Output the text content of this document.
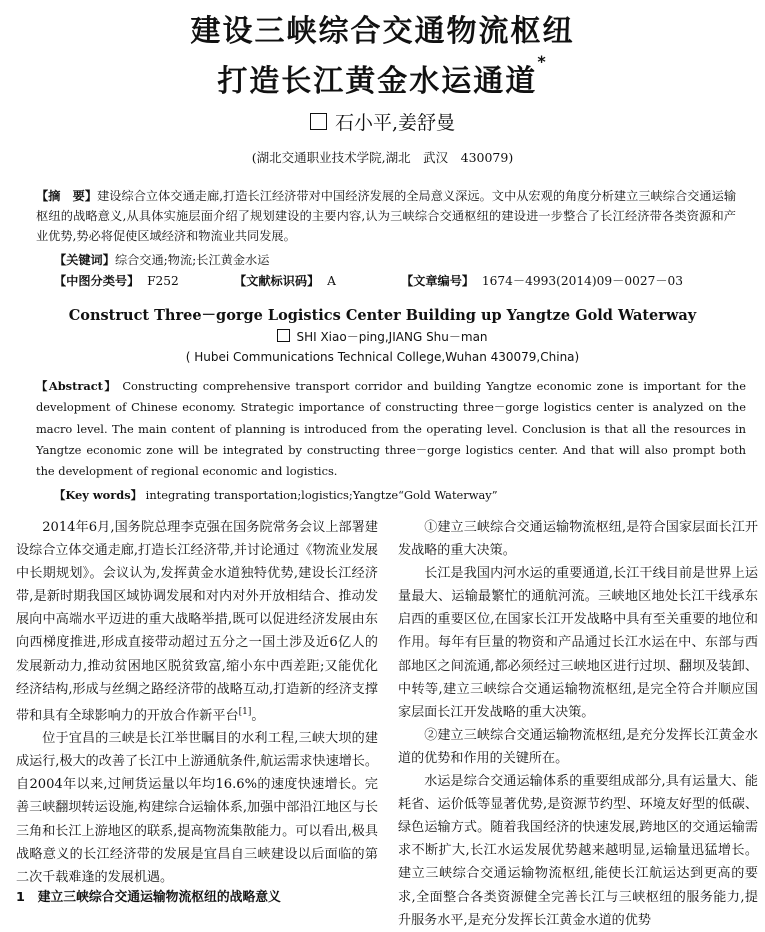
建设三峡综合交通物流枢纽
打造长江黄金水运通道*
石小平,姜舒曼
(湖北交通职业技术学院,湖北　武汉　430079)
【摘　要】建设综合立体交通走廊,打造长江经济带对中国经济发展的全局意义深远。文中从宏观的角度分析建立三峡综合交通运输枢纽的战略意义,从具体实施层面介绍了规划建设的主要内容,认为三峡综合交通枢纽的建设进一步整合了长江经济带各类资源和产业优势,势必将促使区域经济和物流业共同发展。
【关键词】综合交通;物流;长江黄金水运
【中图分类号】 F252	【文献标识码】 A	【文章编号】 1674－4993(2014)09－0027－03
Construct Three－gorge Logistics Center Building up Yangtze Gold Waterway
SHI Xiao－ping,JIANG Shu－man
( Hubei Communications Technical College,Wuhan 430079,China)
【Abstract】 Constructing comprehensive transport corridor and building Yangtze economic zone is important for the development of Chinese economy. Strategic importance of constructing three－gorge logistics center is analyzed on the macro level. The main content of planning is introduced from the operating level. Conclusion is that all the resources in Yangtze economic zone will be integrated by constructing three－gorge logistics center. And that will also prompt both the development of regional economic and logistics.
【Key words】 integrating transportation;logistics;Yangtze“Gold Waterway”

2014年6月,国务院总理李克强在国务院常务会议上部署建设综合立体交通走廊,打造长江经济带,并讨论通过《物流业发展中长期规划》。会议认为,发挥黄金水道独特优势,建设长江经济带,是新时期我国区域协调发展和对内对外开放相结合、推动发展向中高端水平迈进的重大战略举措,既可以促进经济发展由东向西梯度推进,形成直接带动超过五分之一国土涉及近6亿人的发展新动力,推动贫困地区脱贫致富,缩小东中西差距;又能优化经济结构,形成与丝绸之路经济带的战略互动,打造新的经济支撑带和具有全球影响力的开放合作新平台[1]。

位于宜昌的三峡是长江举世瞩目的水利工程,三峡大坝的建成运行,极大的改善了长江中上游通航条件,航运需求快速增长。自2004年以来,过闸货运量以年均16.6%的速度快速增长。完善三峡翻坝转运设施,构建综合运输体系,加强中部沿江地区与长三角和长江上游地区的联系,提高物流集散能力。可以看出,极具战略意义的长江经济带的发展是宜昌自三峡建设以后面临的第二次千载难逢的发展机遇。

1　建立三峡综合交通运输物流枢纽的战略意义

①建立三峡综合交通运输物流枢纽,是符合国家层面长江开发战略的重大决策。

长江是我国内河水运的重要通道,长江干线目前是世界上运量最大、运输最繁忙的通航河流。三峡地区地处长江干线承东启西的重要区位,在国家长江开发战略中具有至关重要的地位和作用。每年有巨量的物资和产品通过长江水运在中、东部与西部地区之间流通,都必须经过三峡地区进行过坝、翻坝及装卸、中转等,建立三峡综合交通运输物流枢纽,是完全符合并顺应国家层面长江开发战略的重大决策。

②建立三峡综合交通运输物流枢纽,是充分发挥长江黄金水道的优势和作用的关键所在。

水运是综合交通运输体系的重要组成部分,具有运量大、能耗省、运价低等显著优势,是资源节约型、环境友好型的低碳、绿色运输方式。随着我国经济的快速发展,跨地区的交通运输需求不断扩大,长江水运发展优势越来越明显,运输量迅猛增长。建立三峡综合交通运输物流枢纽,能使长江航运达到更高的要求,全面整合各类资源健全完善长江与三峡枢纽的服务能力,提升服务水平,是充分发挥长江黄金水道的优势
